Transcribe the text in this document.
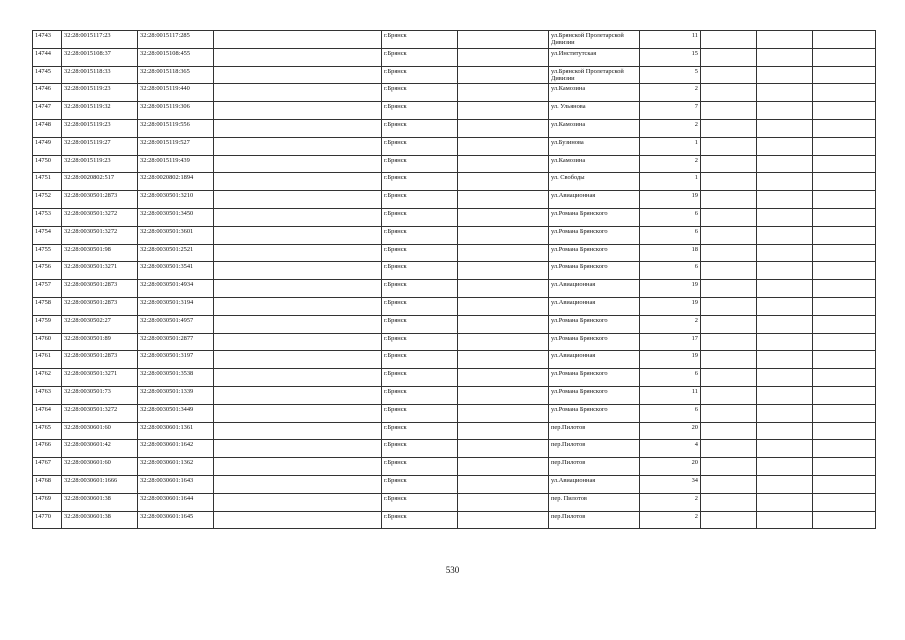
14743	32:28:0015117:23	32:28:0015117:285		г.Брянск		ул.Брянской Пролетарской Дивизии	11			
14744	32:28:0015108:37	32:28:0015108:455		г.Брянск		ул.Институтская	15			
14745	32:28:0015118:33	32:28:0015118:365		г.Брянск		ул.Брянской Пролетарской Дивизии	5			
14746	32:28:0015119:23	32:28:0015119:440		г.Брянск		ул.Камозина	2			
14747	32:28:0015119:32	32:28:0015119:306		г.Брянск		ул. Ульянова	7			
14748	32:28:0015119:23	32:28:0015119:556		г.Брянск		ул.Камозина	2			
14749	32:28:0015119:27	32:28:0015119:527		г.Брянск		ул.Бузинова	1			
14750	32:28:0015119:23	32:28:0015119:439		г.Брянск		ул.Камозина	2			
14751	32:28:0020802:517	32:28:0020802:1894		г.Брянск		ул. Свободы	1			
14752	32:28:0030501:2873	32:28:0030501:3210		г.Брянск		ул.Авиационная	19			
14753	32:28:0030501:3272	32:28:0030501:3450		г.Брянск		ул.Романа Брянского	6			
14754	32:28:0030501:3272	32:28:0030501:3601		г.Брянск		ул.Романа Брянского	6			
14755	32:28:0030501:98	32:28:0030501:2521		г.Брянск		ул.Романа Брянского	18			
14756	32:28:0030501:3271	32:28:0030501:3541		г.Брянск		ул.Романа Брянского	6			
14757	32:28:0030501:2873	32:28:0030501:4934		г.Брянск		ул.Авиационная	19			
14758	32:28:0030501:2873	32:28:0030501:3194		г.Брянск		ул.Авиационная	19			
14759	32:28:0030502:27	32:28:0030501:4957		г.Брянск		ул.Романа Брянского	2			
14760	32:28:0030501:89	32:28:0030501:2877		г.Брянск		ул.Романа Брянского	17			
14761	32:28:0030501:2873	32:28:0030501:3197		г.Брянск		ул.Авиационная	19			
14762	32:28:0030501:3271	32:28:0030501:3538		г.Брянск		ул.Романа Брянского	6			
14763	32:28:0030501:73	32:28:0030501:1339		г.Брянск		ул.Романа Брянского	11			
14764	32:28:0030501:3272	32:28:0030501:3449		г.Брянск		ул.Романа Брянского	6			
14765	32:28:0030601:60	32:28:0030601:1361		г.Брянск		пер.Пилотов	20			
14766	32:28:0030601:42	32:28:0030601:1642		г.Брянск		пер.Пилотов	4			
14767	32:28:0030601:60	32:28:0030601:1362		г.Брянск		пер.Пилотов	20			
14768	32:28:0030601:1666	32:28:0030601:1643		г.Брянск		ул.Авиационная	34			
14769	32:28:0030601:38	32:28:0030601:1644		г.Брянск		пер. Пилотов	2			
14770	32:28:0030601:38	32:28:0030601:1645		г.Брянск		пер.Пилотов	2			
530
